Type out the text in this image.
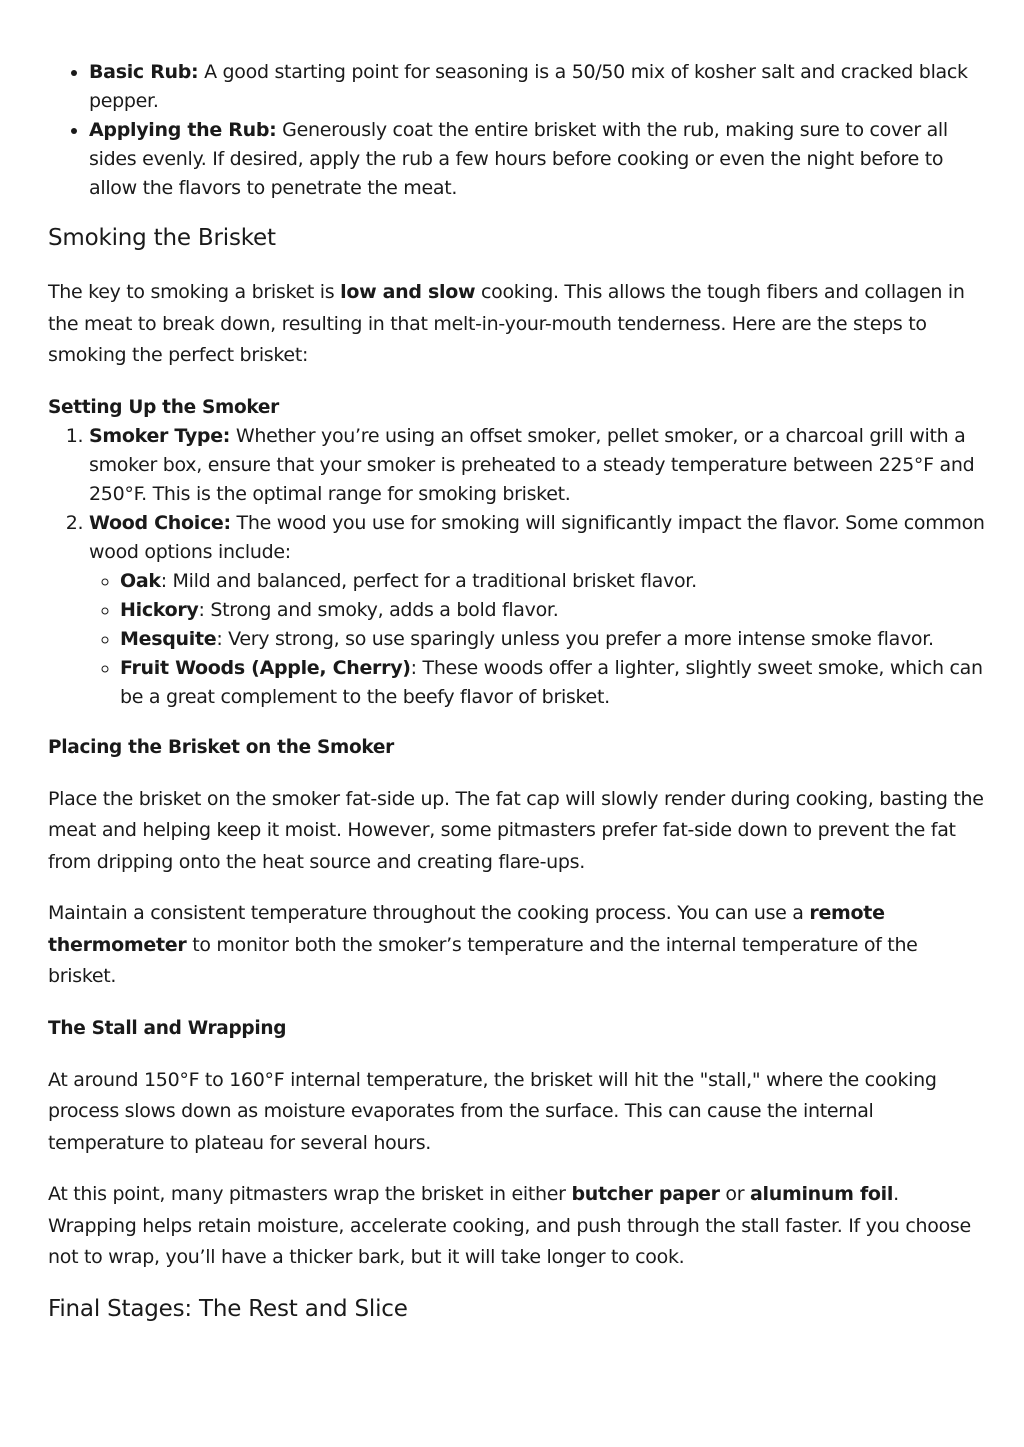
• Basic Rub: A good starting point for seasoning is a 50/50 mix of kosher salt and cracked black pepper.
• Applying the Rub: Generously coat the entire brisket with the rub, making sure to cover all sides evenly. If desired, apply the rub a few hours before cooking or even the night before to allow the flavors to penetrate the meat.
Smoking the Brisket

The key to smoking a brisket is low and slow cooking. This allows the tough fibers and collagen in the meat to break down, resulting in that melt-in-your-mouth tenderness. Here are the steps to smoking the perfect brisket:

Setting Up the Smoker
1. Smoker Type: Whether you’re using an offset smoker, pellet smoker, or a charcoal grill with a smoker box, ensure that your smoker is preheated to a steady temperature between 225°F and 250°F. This is the optimal range for smoking brisket.
2. Wood Choice: The wood you use for smoking will significantly impact the flavor. Some common wood options include:
◦ Oak: Mild and balanced, perfect for a traditional brisket flavor.
◦ Hickory: Strong and smoky, adds a bold flavor.
◦ Mesquite: Very strong, so use sparingly unless you prefer a more intense smoke flavor.
◦ Fruit Woods (Apple, Cherry): These woods offer a lighter, slightly sweet smoke, which can be a great complement to the beefy flavor of brisket.
Placing the Brisket on the Smoker

Place the brisket on the smoker fat-side up. The fat cap will slowly render during cooking, basting the meat and helping keep it moist. However, some pitmasters prefer fat-side down to prevent the fat from dripping onto the heat source and creating flare-ups.

Maintain a consistent temperature throughout the cooking process. You can use a remote thermometer to monitor both the smoker’s temperature and the internal temperature of the brisket.

The Stall and Wrapping

At around 150°F to 160°F internal temperature, the brisket will hit the "stall," where the cooking process slows down as moisture evaporates from the surface. This can cause the internal temperature to plateau for several hours.

At this point, many pitmasters wrap the brisket in either butcher paper or aluminum foil. Wrapping helps retain moisture, accelerate cooking, and push through the stall faster. If you choose not to wrap, you’ll have a thicker bark, but it will take longer to cook.

Final Stages: The Rest and Slice
